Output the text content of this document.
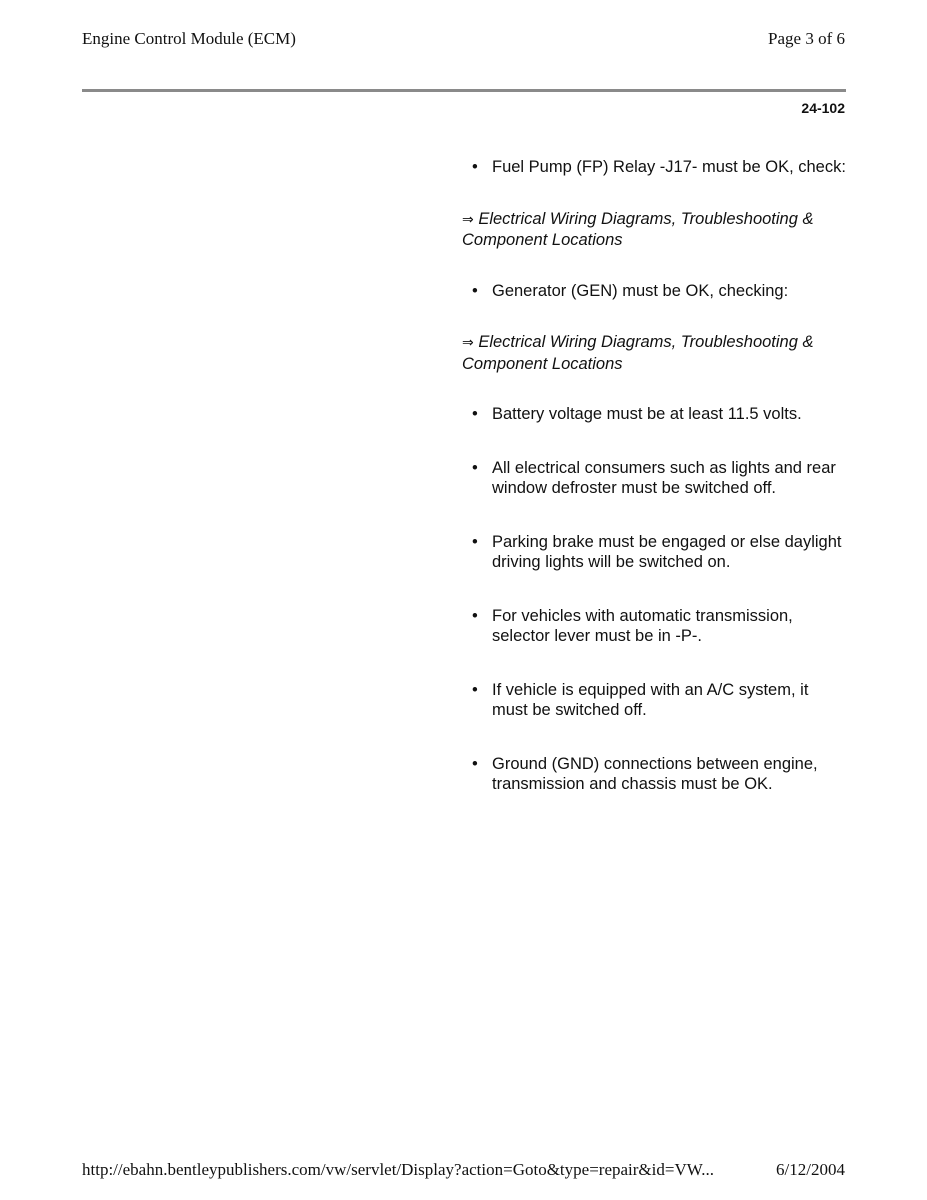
Engine Control Module (ECM)	Page 3 of 6
24-102
• Fuel Pump (FP) Relay -J17- must be OK, check:
⇒ Electrical Wiring Diagrams, Troubleshooting & Component Locations
• Generator (GEN) must be OK, checking:
⇒ Electrical Wiring Diagrams, Troubleshooting & Component Locations
• Battery voltage must be at least 11.5 volts.
• All electrical consumers such as lights and rear window defroster must be switched off.
• Parking brake must be engaged or else daylight driving lights will be switched on.
• For vehicles with automatic transmission, selector lever must be in -P-.
• If vehicle is equipped with an A/C system, it must be switched off.
• Ground (GND) connections between engine, transmission and chassis must be OK.
http://ebahn.bentleypublishers.com/vw/servlet/Display?action=Goto&type=repair&id=VW...	6/12/2004
